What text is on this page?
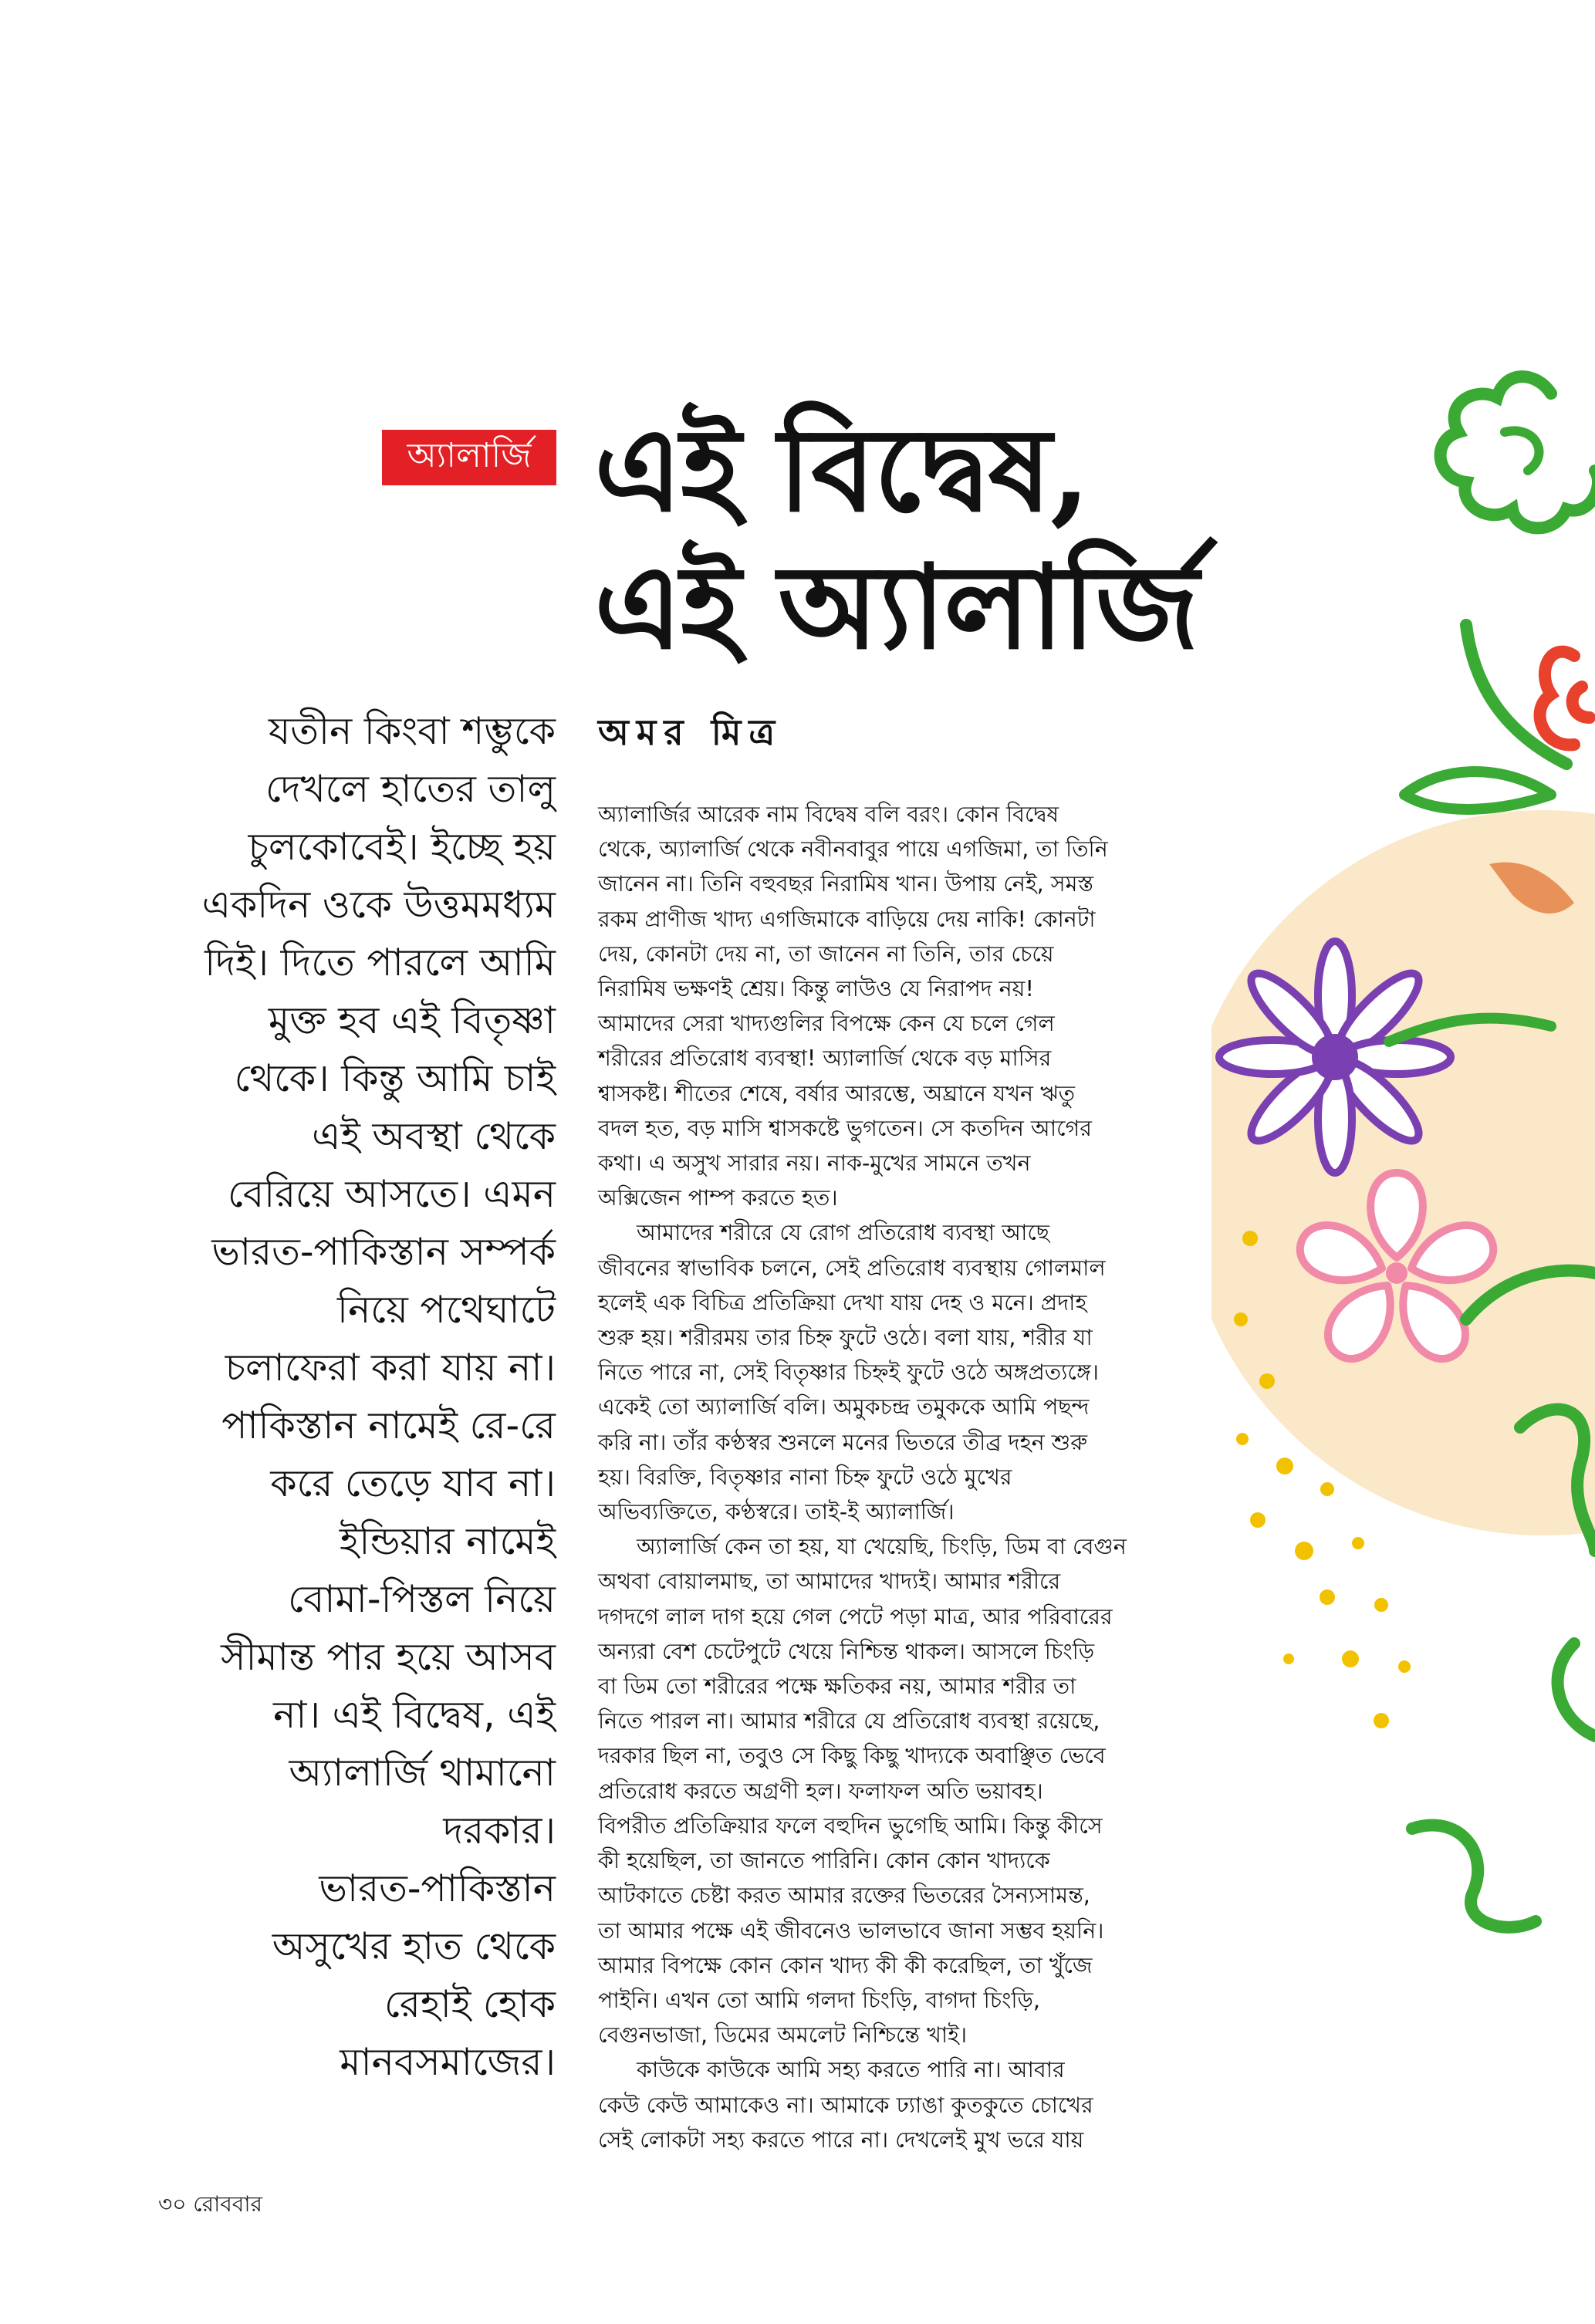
অ্যালার্জি এই বিদ্বেষ,
এই অ্যালার্জি
যতীন কিংবা শম্ভুকে
দেখলে হাতের তালু
চুলকোবেই। ইচ্ছে হয়
একদিন ওকে উত্তমমধ্যম
দিই। দিতে পারলে আমি
মুক্ত হব এই বিতৃষ্ণা
থেকে। কিন্তু আমি চাই
এই অবস্থা থেকে
বেরিয়ে আসতে। এমন
ভারত-পাকিস্তান সম্পর্ক
নিয়ে পথেঘাটে
চলাফেরা করা যায় না।
পাকিস্তান নামেই রে-রে
করে তেড়ে যাব না।
ইন্ডিয়ার নামেই
বোমা-পিস্তল নিয়ে
সীমান্ত পার হয়ে আসব
না। এই বিদ্বেষ, এই
অ্যালার্জি থামানো
দরকার।
ভারত-পাকিস্তান
অসুখের হাত থেকে
রেহাই হোক
মানবসমাজের।
অমর মিত্র
অ্যালার্জির আরেক নাম বিদ্বেষ বলি বরং। কোন বিদ্বেষ
থেকে, অ্যালার্জি থেকে নবীনবাবুর পায়ে এগজিমা, তা তিনি
জানেন না। তিনি বহুবছর নিরামিষ খান। উপায় নেই, সমস্ত
রকম প্রাণীজ খাদ্য এগজিমাকে বাড়িয়ে দেয় নাকি! কোনটা
দেয়, কোনটা দেয় না, তা জানেন না তিনি, তার চেয়ে
নিরামিষ ভক্ষণই শ্রেয়। কিন্তু লাউও যে নিরাপদ নয়!
আমাদের সেরা খাদ্যগুলির বিপক্ষে কেন যে চলে গেল
শরীরের প্রতিরোধ ব্যবস্থা! অ্যালার্জি থেকে বড় মাসির
শ্বাসকষ্ট। শীতের শেষে, বর্ষার আরম্ভে, অঘ্রানে যখন ঋতু
বদল হত, বড় মাসি শ্বাসকষ্টে ভুগতেন। সে কতদিন আগের
কথা। এ অসুখ সারার নয়। নাক-মুখের সামনে তখন
অক্সিজেন পাম্প করতে হত।
আমাদের শরীরে যে রোগ প্রতিরোধ ব্যবস্থা আছে
জীবনের স্বাভাবিক চলনে, সেই প্রতিরোধ ব্যবস্থায় গোলমাল
হলেই এক বিচিত্র প্রতিক্রিয়া দেখা যায় দেহ ও মনে। প্রদাহ
শুরু হয়। শরীরময় তার চিহ্ন ফুটে ওঠে। বলা যায়, শরীর যা
নিতে পারে না, সেই বিতৃষ্ণার চিহ্নই ফুটে ওঠে অঙ্গপ্রত্যঙ্গে।
একেই তো অ্যালার্জি বলি। অমুকচন্দ্র তমুককে আমি পছন্দ
করি না। তাঁর কণ্ঠস্বর শুনলে মনের ভিতরে তীব্র দহন শুরু
হয়। বিরক্তি, বিতৃষ্ণার নানা চিহ্ন ফুটে ওঠে মুখের
অভিব্যক্তিতে, কণ্ঠস্বরে। তাই-ই অ্যালার্জি।
অ্যালার্জি কেন তা হয়, যা খেয়েছি, চিংড়ি, ডিম বা বেগুন
অথবা বোয়ালমাছ, তা আমাদের খাদ্যই। আমার শরীরে
দগদগে লাল দাগ হয়ে গেল পেটে পড়া মাত্র, আর পরিবারের
অন্যরা বেশ চেটেপুটে খেয়ে নিশ্চিন্ত থাকল। আসলে চিংড়ি
বা ডিম তো শরীরের পক্ষে ক্ষতিকর নয়, আমার শরীর তা
নিতে পারল না। আমার শরীরে যে প্রতিরোধ ব্যবস্থা রয়েছে,
দরকার ছিল না, তবুও সে কিছু কিছু খাদ্যকে অবাঞ্ছিত ভেবে
প্রতিরোধ করতে অগ্রণী হল। ফলাফল অতি ভয়াবহ।
বিপরীত প্রতিক্রিয়ার ফলে বহুদিন ভুগেছি আমি। কিন্তু কীসে
কী হয়েছিল, তা জানতে পারিনি। কোন কোন খাদ্যকে
আটকাতে চেষ্টা করত আমার রক্তের ভিতরের সৈন্যসামন্ত,
তা আমার পক্ষে এই জীবনেও ভালভাবে জানা সম্ভব হয়নি।
আমার বিপক্ষে কোন কোন খাদ্য কী কী করেছিল, তা খুঁজে
পাইনি। এখন তো আমি গলদা চিংড়ি, বাগদা চিংড়ি,
বেগুনভাজা, ডিমের অমলেট নিশ্চিন্তে খাই।
কাউকে কাউকে আমি সহ্য করতে পারি না। আবার
কেউ কেউ আমাকেও না। আমাকে ঢ্যাঙা কুতকুতে চোখের
সেই লোকটা সহ্য করতে পারে না। দেখলেই মুখ ভরে যায়
৩০ রোববার
